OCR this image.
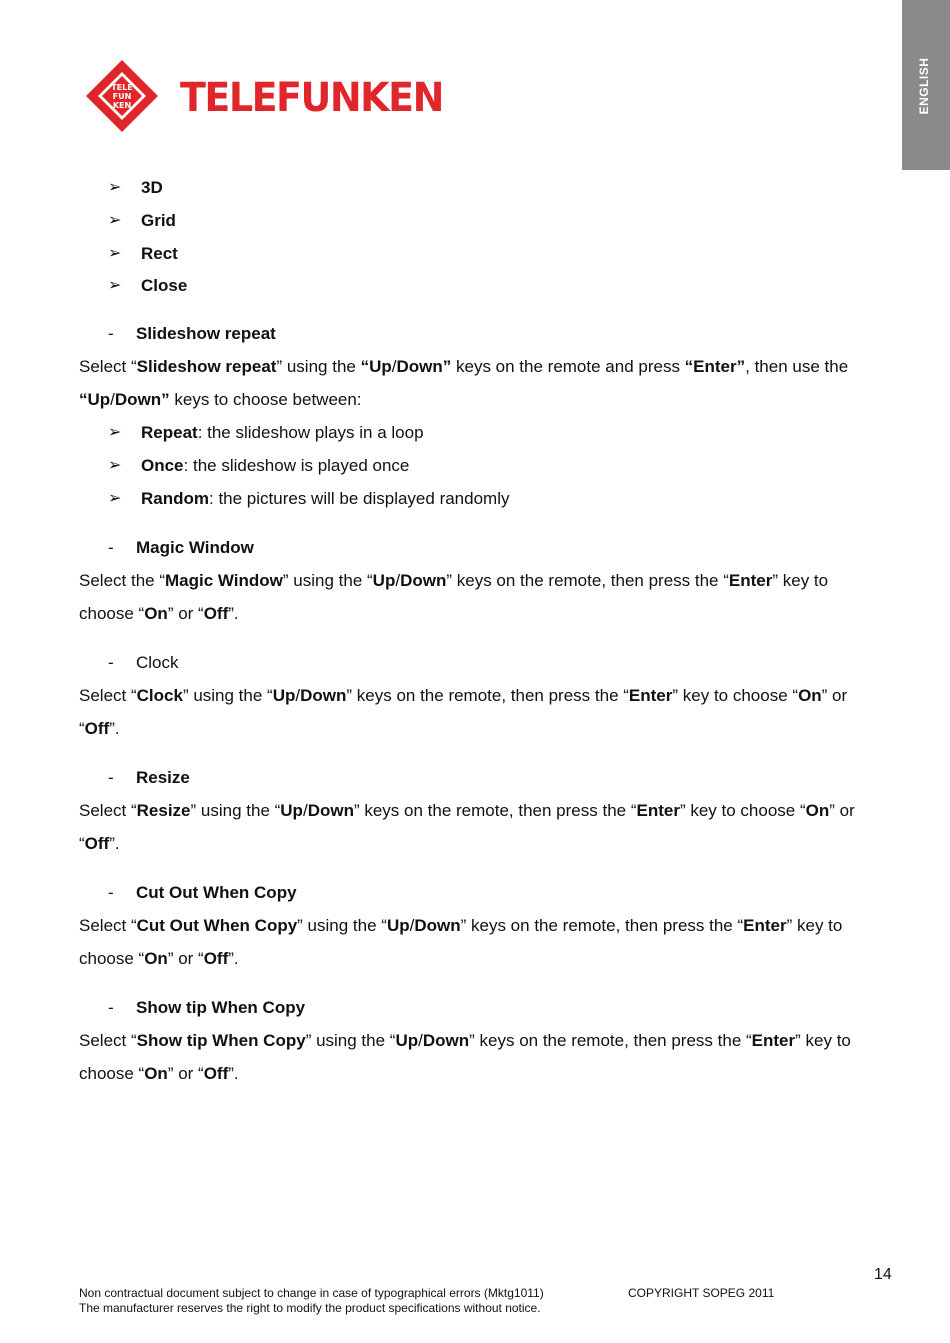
ENGLISH
TELE
FUN
KEN TELEFUNKEN
➢ 3D
➢ Grid
➢ Rect
➢ Close
- Slideshow repeat
Select “Slideshow repeat” using the “Up/Down” keys on the remote and press “Enter”, then use the
“Up/Down” keys to choose between:
➢ Repeat: the slideshow plays in a loop
➢ Once: the slideshow is played once
➢ Random: the pictures will be displayed randomly
- Magic Window
Select the “Magic Window” using the “Up/Down” keys on the remote, then press the “Enter” key to
choose “On” or “Off”.
- Clock
Select “Clock” using the “Up/Down” keys on the remote, then press the “Enter” key to choose “On” or
“Off”.
- Resize
Select “Resize” using the “Up/Down” keys on the remote, then press the “Enter” key to choose “On” or
“Off”.
- Cut Out When Copy
Select “Cut Out When Copy” using the “Up/Down” keys on the remote, then press the “Enter” key to
choose “On” or “Off”.
- Show tip When Copy
Select “Show tip When Copy” using the “Up/Down” keys on the remote, then press the “Enter” key to
choose “On” or “Off”.
14
Non contractual document subject to change in case of typographical errors (Mktg1011)
The manufacturer reserves the right to modify the product specifications without notice.
COPYRIGHT SOPEG 2011
